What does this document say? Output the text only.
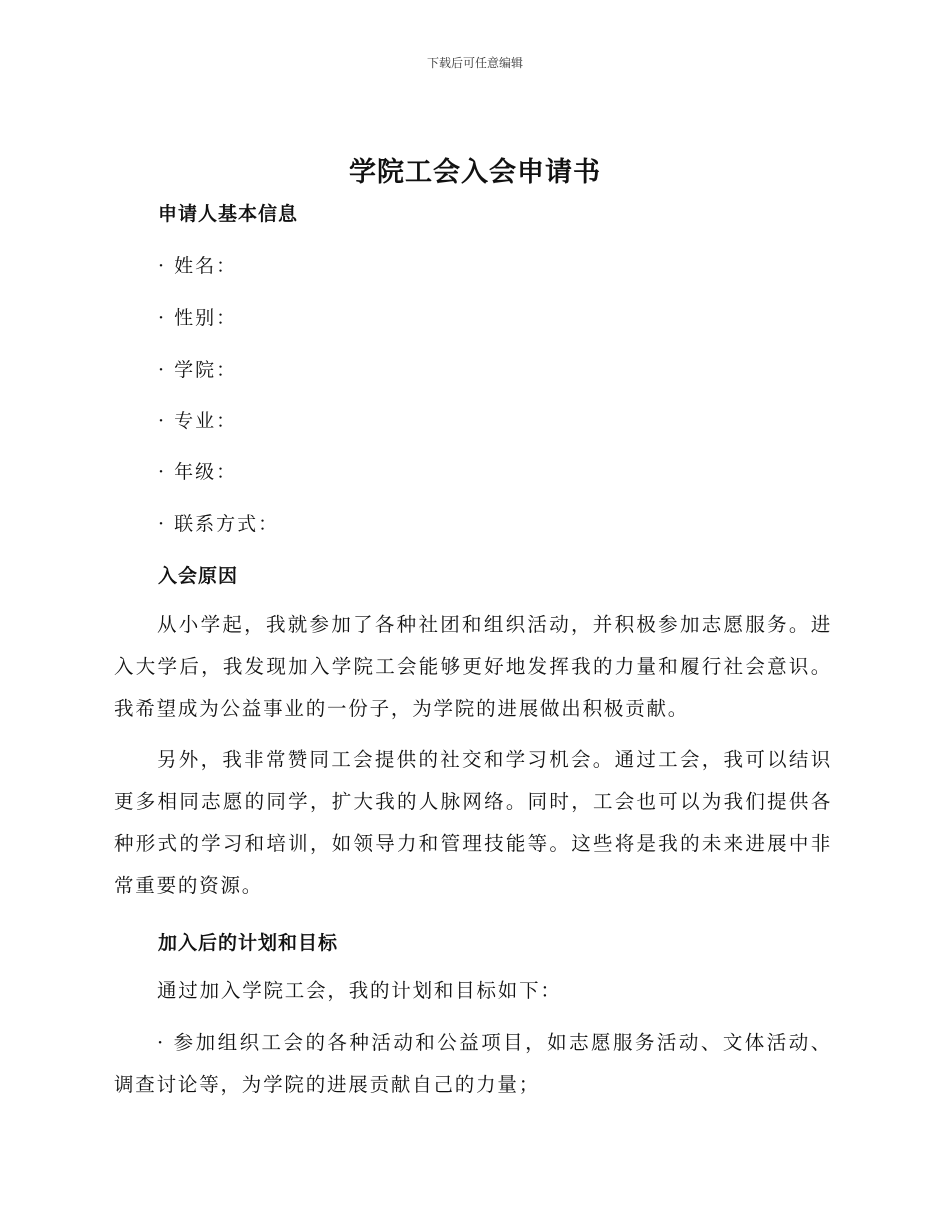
下载后可任意编辑
学院工会入会申请书
申请人基本信息
· 姓名：
· 性别：
· 学院：
· 专业：
· 年级：
· 联系方式：
入会原因

从小学起，我就参加了各种社团和组织活动，并积极参加志愿服务。进入大学后，我发现加入学院工会能够更好地发挥我的力量和履行社会意识。我希望成为公益事业的一份子，为学院的进展做出积极贡献。

另外，我非常赞同工会提供的社交和学习机会。通过工会，我可以结识更多相同志愿的同学，扩大我的人脉网络。同时，工会也可以为我们提供各种形式的学习和培训，如领导力和管理技能等。这些将是我的未来进展中非常重要的资源。

加入后的计划和目标

通过加入学院工会，我的计划和目标如下：

· 参加组织工会的各种活动和公益项目，如志愿服务活动、文体活动、调查讨论等，为学院的进展贡献自己的力量；
